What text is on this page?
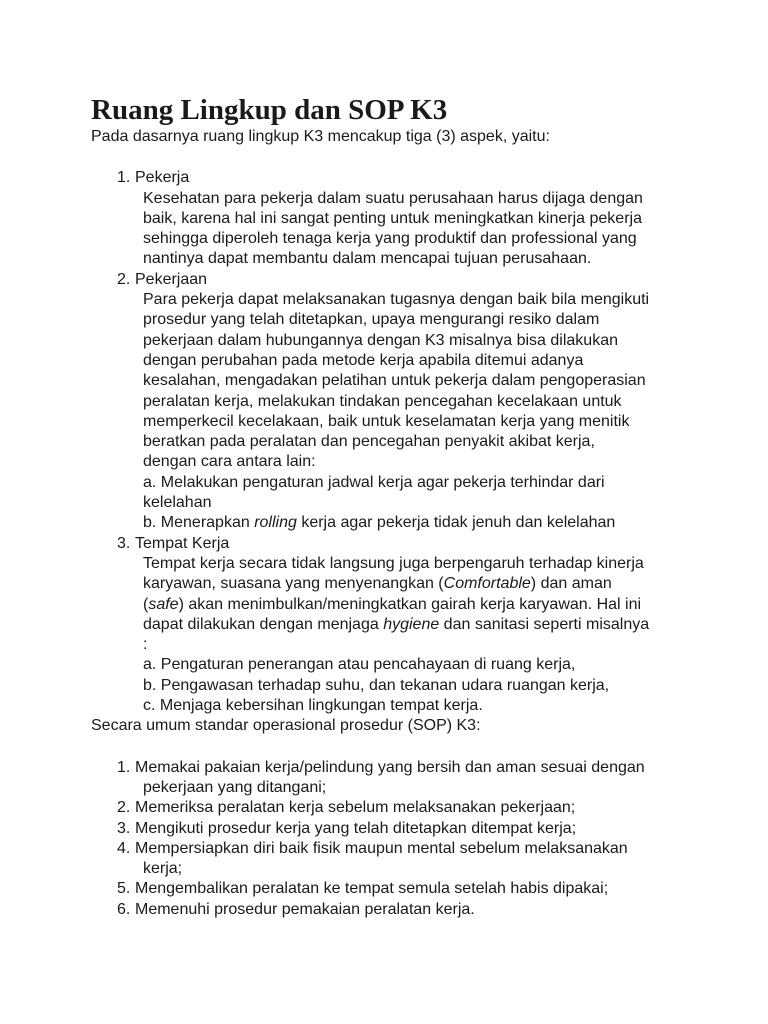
Ruang Lingkup dan SOP K3

Pada dasarnya ruang lingkup K3 mencakup tiga (3) aspek, yaitu:

1. Pekerja
Kesehatan para pekerja dalam suatu perusahaan harus dijaga dengan
baik, karena hal ini sangat penting untuk meningkatkan kinerja pekerja
sehingga diperoleh tenaga kerja yang produktif dan professional yang
nantinya dapat membantu dalam mencapai tujuan perusahaan.
2. Pekerjaan
Para pekerja dapat melaksanakan tugasnya dengan baik bila mengikuti
prosedur yang telah ditetapkan, upaya mengurangi resiko dalam
pekerjaan dalam hubungannya dengan K3 misalnya bisa dilakukan
dengan perubahan pada metode kerja apabila ditemui adanya
kesalahan, mengadakan pelatihan untuk pekerja dalam pengoperasian
peralatan kerja, melakukan tindakan pencegahan kecelakaan untuk
memperkecil kecelakaan, baik untuk keselamatan kerja yang menitik
beratkan pada peralatan dan pencegahan penyakit akibat kerja,
dengan cara antara lain:
a. Melakukan pengaturan jadwal kerja agar pekerja terhindar dari
kelelahan
b. Menerapkan rolling kerja agar pekerja tidak jenuh dan kelelahan
3. Tempat Kerja
Tempat kerja secara tidak langsung juga berpengaruh terhadap kinerja
karyawan, suasana yang menyenangkan (Comfortable) dan aman
(safe) akan menimbulkan/meningkatkan gairah kerja karyawan. Hal ini
dapat dilakukan dengan menjaga hygiene dan sanitasi seperti misalnya
:
a. Pengaturan penerangan atau pencahayaan di ruang kerja,
b. Pengawasan terhadap suhu, dan tekanan udara ruangan kerja,
c. Menjaga kebersihan lingkungan tempat kerja.

Secara umum standar operasional prosedur (SOP) K3:

1. Memakai pakaian kerja/pelindung yang bersih dan aman sesuai dengan
pekerjaan yang ditangani;
2. Memeriksa peralatan kerja sebelum melaksanakan pekerjaan;
3. Mengikuti prosedur kerja yang telah ditetapkan ditempat kerja;
4. Mempersiapkan diri baik fisik maupun mental sebelum melaksanakan
kerja;
5. Mengembalikan peralatan ke tempat semula setelah habis dipakai;
6. Memenuhi prosedur pemakaian peralatan kerja.
